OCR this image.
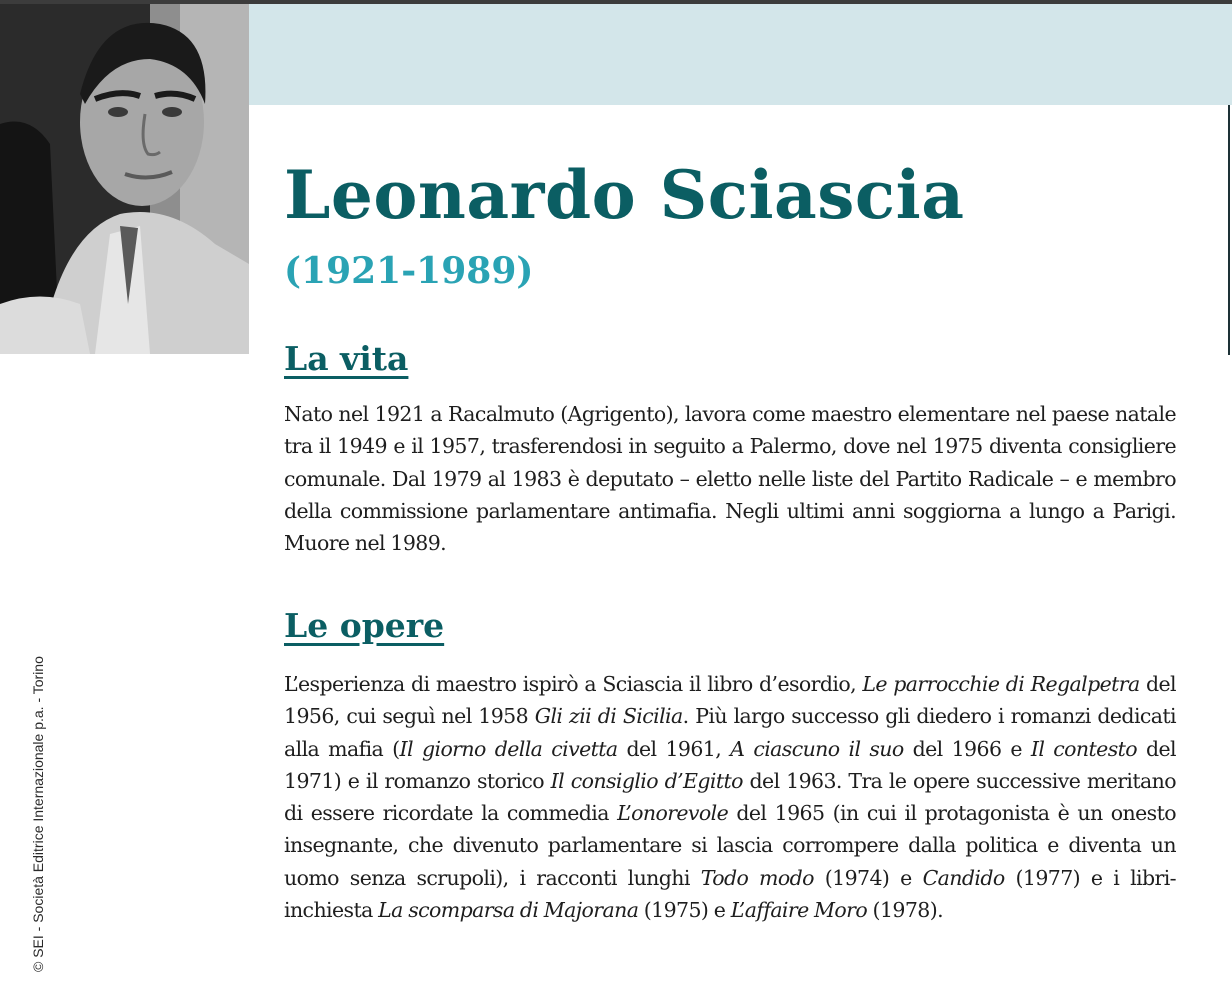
Leonardo Sciascia
(1921-1989)
La vita

Nato nel 1921 a Racalmuto (Agrigento), lavora come maestro elementare nel paese natale tra il 1949 e il 1957, trasferendosi in seguito a Palermo, dove nel 1975 diventa consigliere comunale. Dal 1979 al 1983 è deputato – eletto nelle liste del Partito Radicale – e membro della commissione parlamentare antimafia. Negli ultimi anni soggiorna a lungo a Parigi. Muore nel 1989.

Le opere

L’esperienza di maestro ispirò a Sciascia il libro d’esordio, Le parrocchie di Regalpetra del 1956, cui seguì nel 1958 Gli zii di Sicilia. Più largo successo gli diedero i romanzi dedicati alla mafia (Il giorno della civetta del 1961, A ciascuno il suo del 1966 e Il contesto del 1971) e il romanzo storico Il consiglio d’Egitto del 1963. Tra le opere successive meritano di essere ricordate la commedia L’onorevole del 1965 (in cui il protagonista è un onesto insegnante, che divenuto parlamentare si lascia corrompere dalla politica e diventa un uomo senza scrupoli), i racconti lunghi Todo modo (1974) e Candido (1977) e i libri-inchiesta La scomparsa di Majorana (1975) e L’affaire Moro (1978).

© SEI - Società Editrice Internazionale p.a. - Torino
